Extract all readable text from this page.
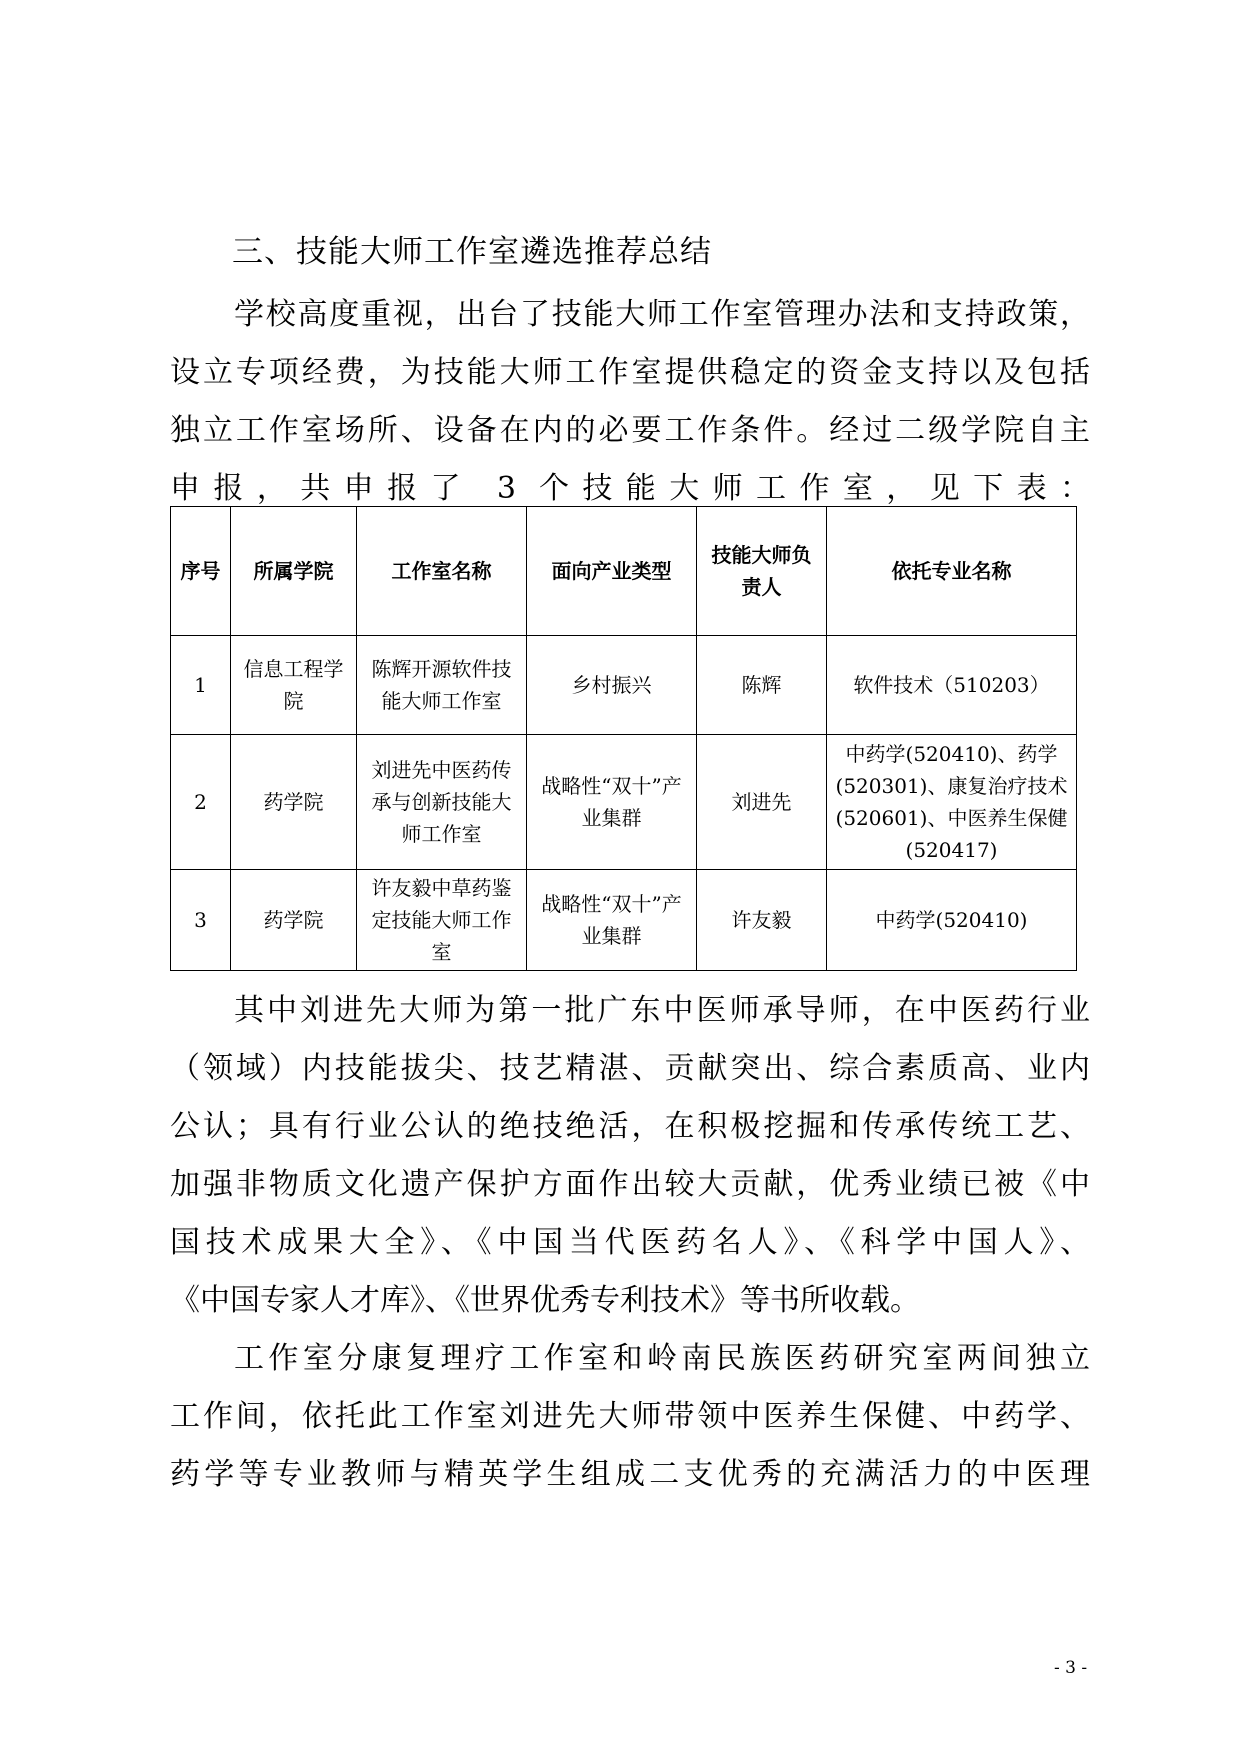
三、技能大师工作室遴选推荐总结
学校高度重视，出台了技能大师工作室管理办法和支持政策，
设立专项经费，为技能大师工作室提供稳定的资金支持以及包括
独立工作室场所、设备在内的必要工作条件。经过二级学院自主
申报，共申报了 3 个技能大师工作室，见下表：
序号	所属学院	工作室名称	面向产业类型	技能大师负责人	依托专业名称
1	信息工程学院	陈辉开源软件技能大师工作室	乡村振兴	陈辉	软件技术（510203）
2	药学院	刘进先中医药传承与创新技能大师工作室	战略性“双十”产业集群	刘进先	中药学(520410)、药学(520301)、康复治疗技术(520601)、中医养生保健(520417)
3	药学院	许友毅中草药鉴定技能大师工作室	战略性“双十”产业集群	许友毅	中药学(520410)
其中刘进先大师为第一批广东中医师承导师，在中医药行业
（领域）内技能拔尖、技艺精湛、贡献突出、综合素质高、业内
公认；具有行业公认的绝技绝活，在积极挖掘和传承传统工艺、
加强非物质文化遗产保护方面作出较大贡献，优秀业绩已被《中
国技术成果大全》、《中国当代医药名人》、《科学中国人》、
《中国专家人才库》、《世界优秀专利技术》等书所收载。
工作室分康复理疗工作室和岭南民族医药研究室两间独立
工作间，依托此工作室刘进先大师带领中医养生保健、中药学、
药学等专业教师与精英学生组成二支优秀的充满活力的中医理
- 3 -
